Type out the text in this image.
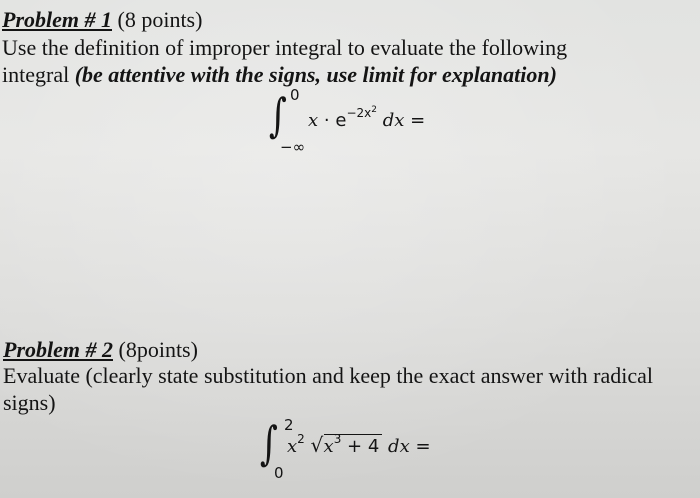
Problem # 1 (8 points)
Use the definition of improper integral to evaluate the following
integral (be attentive with the signs, use limit for explanation)
∫ 0
−∞
$x \cdot e^{-2x^2}$ dx =
Problem # 2 (8points)
Evaluate (clearly state substitution and keep the exact answer with radical
signs)
∫ 2
0
$x^2$ √ $x^3 + 4$ dx =
